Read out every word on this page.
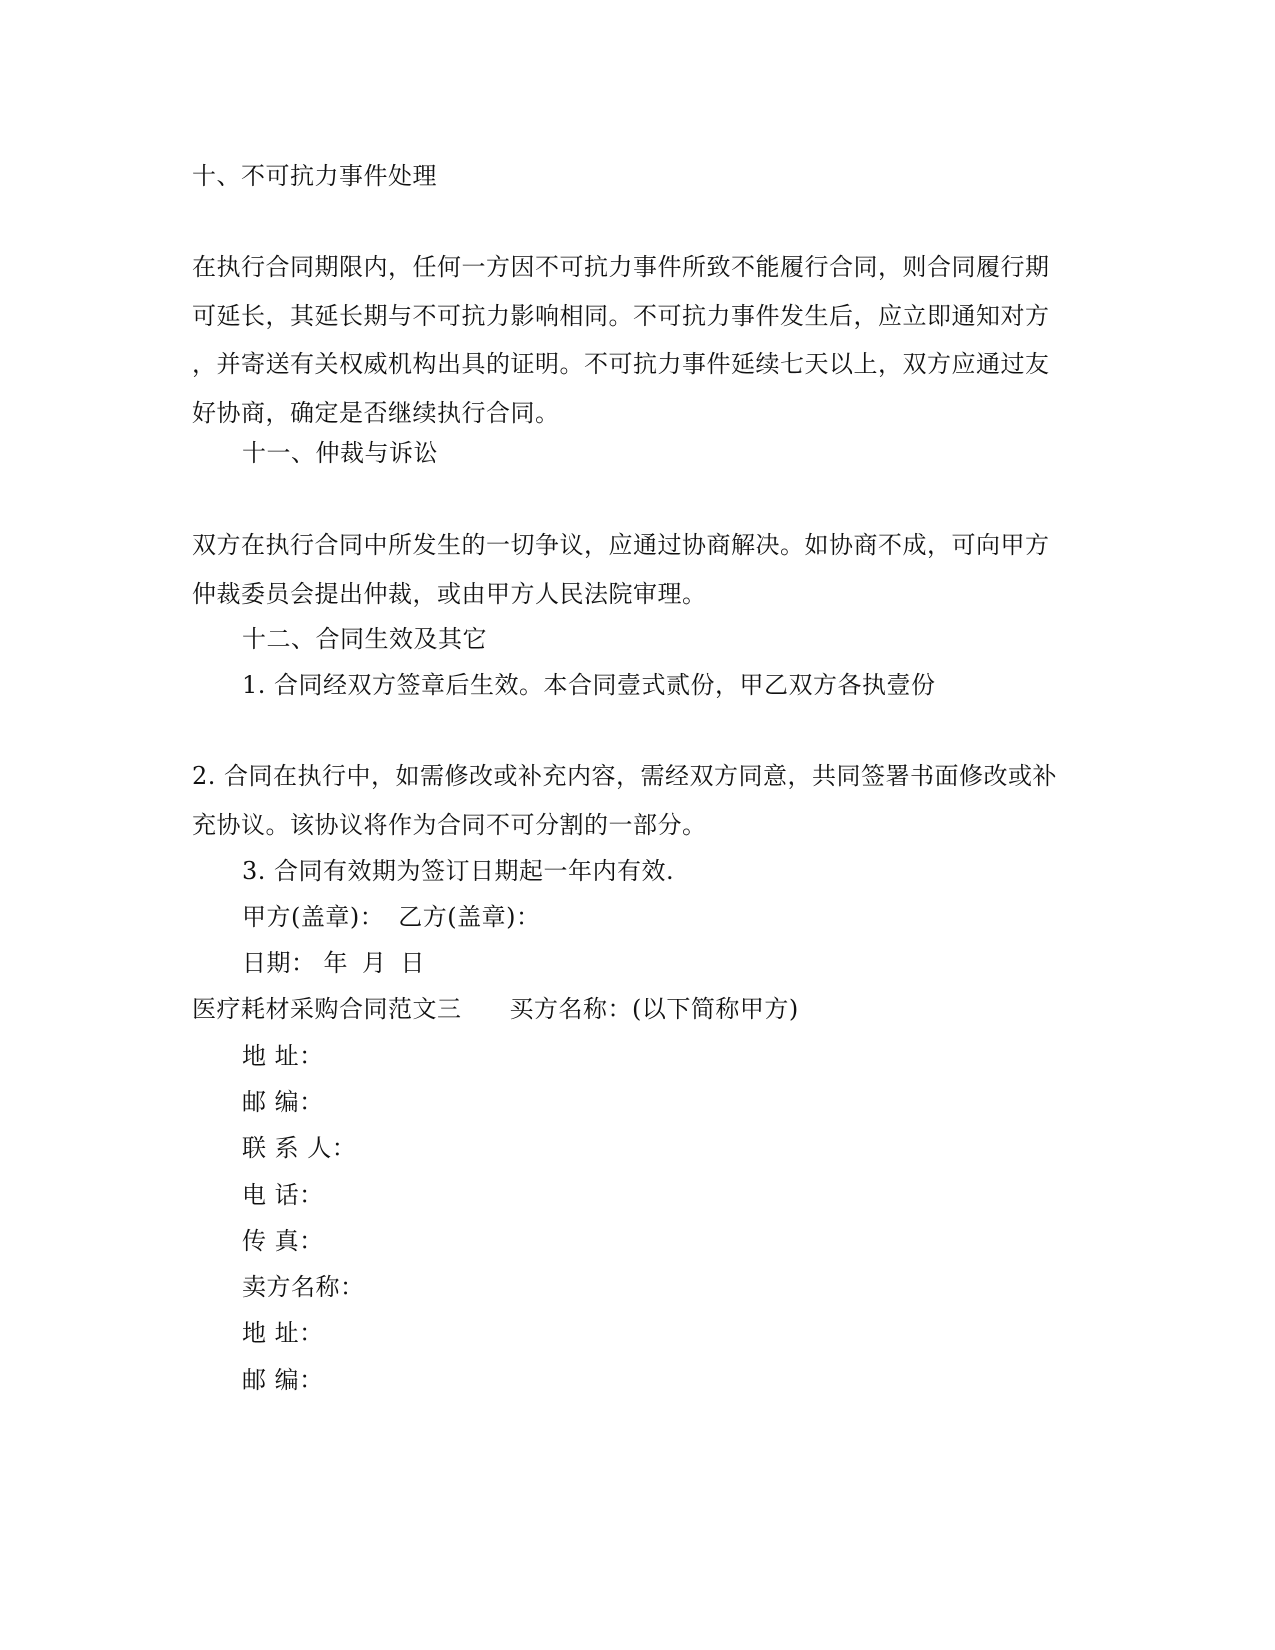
十、不可抗力事件处理
在执行合同期限内，任何一方因不可抗力事件所致不能履行合同，则合同履行期
可延长，其延长期与不可抗力影响相同。不可抗力事件发生后，应立即通知对方
，并寄送有关权威机构出具的证明。不可抗力事件延续七天以上，双方应通过友
好协商，确定是否继续执行合同。
十一、仲裁与诉讼
双方在执行合同中所发生的一切争议，应通过协商解决。如协商不成，可向甲方
仲裁委员会提出仲裁，或由甲方人民法院审理。
十二、合同生效及其它
1. 合同经双方签章后生效。本合同壹式贰份，甲乙双方各执壹份
2. 合同在执行中，如需修改或补充内容，需经双方同意，共同签署书面修改或补
充协议。该协议将作为合同不可分割的一部分。
3. 合同有效期为签订日期起一年内有效.
甲方(盖章)： 乙方(盖章)：
日期： 年 月 日
医疗耗材采购合同范文三 买方名称：(以下简称甲方)
地 址：
邮 编：
联 系 人：
电 话：
传 真：
卖方名称：
地 址：
邮 编：
